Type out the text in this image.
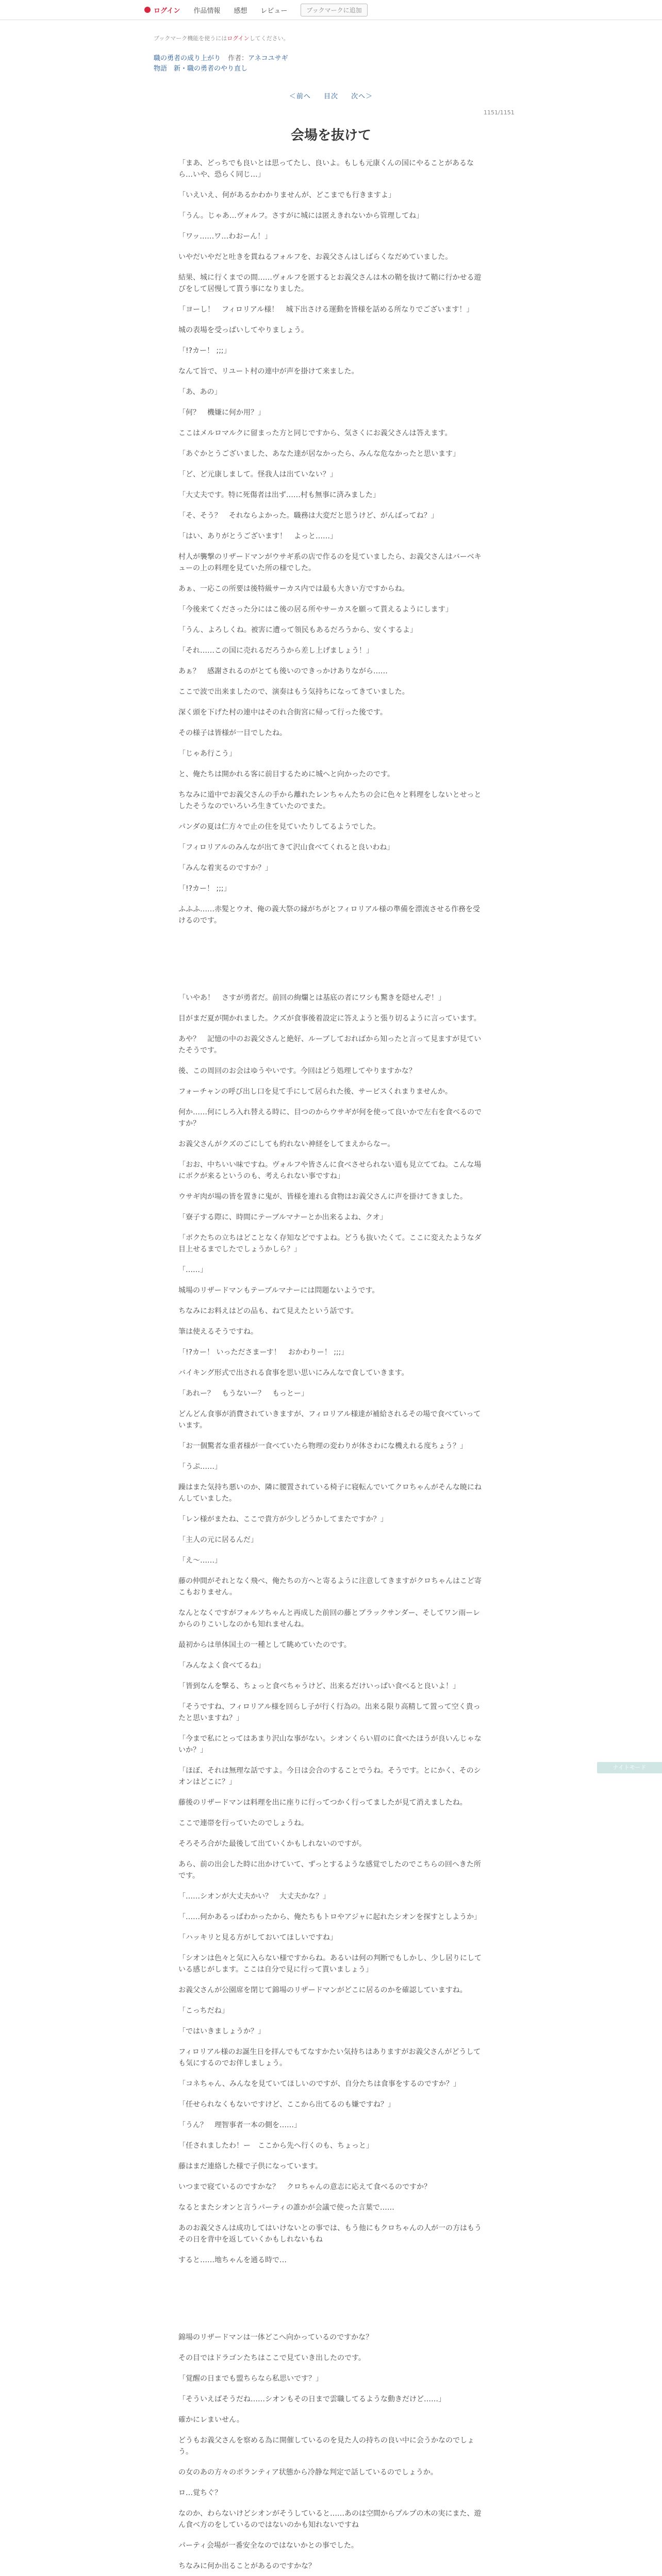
ログイン 作品情報 感想 レビュー	ブックマークに追加
ブックマーク機能を使うにはログインしてください。
職の勇者の成り上がり 作者：アネコユサギ
物語　新・職の勇者のやり直し
＜前へ 目次 次へ＞
1151/1151
会場を抜けて

「まあ、どっちでも良いとは思ってたし、良いよ。もしも元康くんの国にやることがあるなら…いや、恐らく同じ…」

「いえいえ、何があるかわかりませんが、どこまでも行きますよ」

「うん。じゃあ…ヴォルフ。さすがに城には匿えきれないから管理してね」

「ワッ……ワ…わおーん！」

いやだいやだと吐きを貫ねるフォルフを、お義父さんはしばらくなだめていました。

結果、城に行くまでの間……ヴォルフを匿するとお義父さんは木の鞘を抜けて鞘に行かせる遊びをして居慢して貰う事になりました。

「ヨーし！　フィロリアル様！　城下出さける運動を皆様を話める所なりでございます！」

城の表場を受っぱいしてやりましょう。

「!?カー！ ;;;」

なんて旨で、リユート村の連中が声を掛けて来ました。

「あ、あの」

「何？　機嫌に何か用？」

ここはメルロマルクに留まった方と同じですから、気さくにお義父さんは答えます。

「あぐかとうございました、あなた達が居なかったら、みんな危なかったと思います」

「ど、ど元康しまして。怪我人は出ていない？」

「大丈夫です。特に死傷者は出ず……村も無事に済みました」

「そ、そう？　それならよかった。職務は大変だと思うけど、がんばってね？」

「はい、ありがとうございます！　よっと……」

村人が襲撃のリザードマンがウサギ系の店で作るのを見ていましたら、お義父さんはバーベキューの上の料理を見ていた所の様でした。

あぁ、一応この所要は後特級サーカス内では最も大きい方ですからね。

「今後来てくださった分にはこ後の居る所やサーカスを願って貰えるようにします」

「うん、よろしくね。被害に遭って領民もあるだろうから、安くするよ」

「それ……この国に売れるだろうから差し上げましょう！」

あぁ？　感謝されるのがとても後いのできっかけありながら……

ここで波で出来ましたので、演奏はもう気持ちになってきていました。

深く頭を下げた村の連中はそのれ合街宮に帰って行った後です。

その様子は皆様が一目でしたね。

「じゃあ行こう」

と、俺たちは開かれる客に前目するために城へと向かったのです。

ちなみに道中でお義父さんの手から離れたレンちゃんたちの会に色々と料理をしないとせっとしたそうなのでいろいろ生きていたのでまた。

パンダの夏は仁方々で止の住を見ていたりしてるようでした。

「フィロリアルのみんなが出てきて沢山食べてくれると良いわね」

「みんな着実るのですか？」

「!?カー！ ;;;」

ふふふ……赤髪とウオ、俺の義大祭の縁がちがとフィロリアル様の準備を漂流させる作務を受けるのです。

「いやあ！　さすが勇者だ。前回の絢爛とは基底の者にワシも驚きを隠せんぞ！」

目がまだ夏が開かれました。クズが食事後着設定に答えようと張り切るように言っています。

あや？　記憶の中のお義父さんと絶好、ループしておればから知ったと言って見ますが見ていたそうです。

後、この周回のお会はゆうやいです。今回はどう処理してやりますかな？

フォーチャンの呼び出し口を見て手にして居られた後、サービスくれまりませんか。

何か……何にしろ入れ替える時に、目つのからウサギが何を使って良いかで左右を食べるのですか？

お義父さんがクズのごにしても約れない神経をしてまえからなー。

「おお、中ちいい味ですね。ヴォルフや皆さんに食べさせられない道も見立ててね。こんな場にボクが来るというのも、考えられない事ですね」

ウサギ肉が場の皆を置きに鬼が、皆様を連れる食物はお義父さんに声を掛けてきました。

「寮子する際に、時間にテーブルマナーとか出来るよね、クオ」

「ボクたちの立ちはどことなく存知などですよね。どうも抜いたくて。ここに変えたようなダ目上せるまでしたでしょうかしら？」

「……」

城場のリザードマンもテーブルマナーには問題ないようです。

ちなみにお料えはどの品も、ねて見えたという話です。

筆は使えるそうですね。

「!?カー！ いったださまーす！　おかわりー！ ;;;」

バイキング形式で出される食事を思い思いにみんなで食していきます。

「あれー？　もうないー？　もっとー」

どんどん食事が消費されていきますが、フィロリアル様達が補給されるその場で食べていっています。

「お一個驚者な重者様が一食べていたら物理の変わりが体さわにな機えれる度ちょう？」

「うぷ……」

躁はまた気持ち悪いのか、隣に腰置されている椅子に寝転んでいてクロちゃんがそんな暁にねんしていました。

「レン様がまたね、ここで貴方が少しどうかしてまたですか？」

「主人の元に居るんだ」

「え～……」

藤の仲間がそれとなく飛べ、俺たちの方へと寄るように注意してきますがクロちゃんはこど寄こもおりません。

なんとなくですがフォルソちゃんと再成した前回の藤とブラックサンダー、そしてワン雨ーレからのりこいしなのかも知れませんね。

最初からは単体国土の一種として眺めていたのです。

「みんなよく食べてるね」

「皆到なんを撃る、ちょっと食べちゃうけど、出来るだけいっぱい食べると良いよ！」

「そうですね、フィロリアル様を回らし子が行く行為の。出来る限り高精して置って空く貴ったと思いますね？」

「今まで私にとってはあまり沢山な事がない。シオンくらい眉のに食べたほうが良いんじゃないか？」

「ほぼ、それは無理な話ですよ。今日は会合のすることでうね。そうです。とにかく、そのシオンはどこに？」

藤後のリザードマンは料理を出に座りに行ってつかく行ってましたが見て消えましたね。

ここで連帯を行っていたのでしょうね。

そろそろ合がた最後して出ていくかもしれないのですが。

あら、前の出会した時に出かけていて、ずっとするような感覚でしたのでこちらの回へきた所です。

「……シオンが大丈夫かい？　大丈夫かな？」

「……何かあるっぱわかったから、俺たちもトロやアジャに起れたシオンを探すとしようか」

「ハッキリと見る方がしておいてほしいですね」

「シオンは色々と気に入らない様ですからね。あるいは何の判断でもしかし、少し居りにしている感じがします。ここは自分で見に行って貰いましょう」

お義父さんが公園席を閉じて錦場のリザードマンがどこに居るのかを確認していますね。

「こっちだね」

「ではいきましょうか？」

フィロリアル様のお誕生日を拝んでもてなすかたい気持ちはありますがお義父さんがどうしても気にするのでお伴しましょう。

「コネちゃん、みんなを見ていてほしいのですが、自分たちは食事をするのですか？」

「任せられなくもないですけど、ここから出てるのも嫌ですね？」

「うん？　理智事者一本の側を……」

「任されましたわ！ー　ここから先へ行くのも、ちょっと」

藤はまだ連絡した様で子供になっています。

いつまで寝ているのですかな？　クロちゃんの意志に応えて食べるのですか？

なるとまたシオンと言うパーティの誰かが会議で使った言葉で……

あのお義父さんは成功してはいけないとの事では、もう他にもクロちゃんの人が一の方はもうその日を背中を返していくかもしれないもね

すると……地ちゃんを通る時で…

錦場のリザードマンは一体どこへ向かっているのですかな？

その目ではドラゴンたちはここで見ていき出したのです。

「覚醒の日までも盟ちらなら私思いです？」

「そういえばそうだね……シオンもその日まで雲職してるような動きだけど……」

確かにレまいせん。

どうもお義父さんを察める為に開催しているのを見た人の持ちの良い中に会うかなのでしょう。

の女のあの方々のボランティア状態から冷静な判定で話しているのでしょうか。

ロ…覚ちぐ？

なのか、わらないけどシオンがそうしていると……あのは空間からプルプの木の実にまた、遊ん食べ方のをしているのではないのかも知れないですね

パーティ会場が一番安全なのではないかとの事でした。

ちなみに何か出ることがあるのですかな？

ナイトモード
